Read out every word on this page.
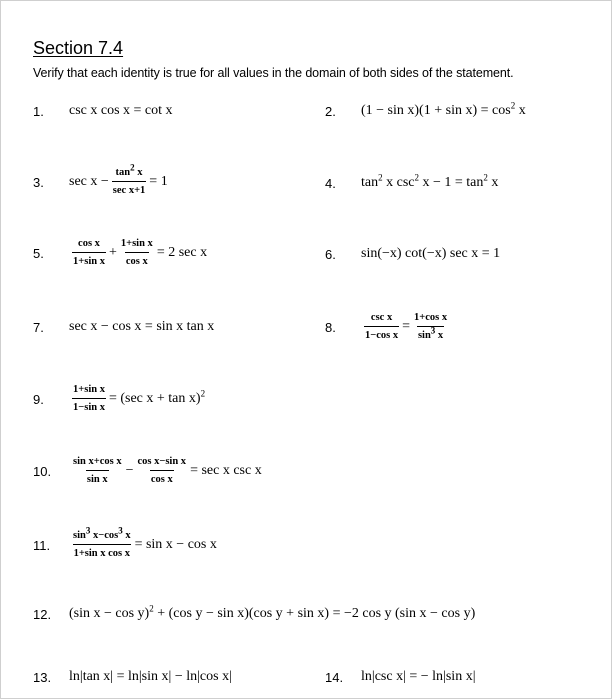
Section 7.4
Verify that each identity is true for all values in the domain of both sides of the statement.
1.	csc x cos x = cot x	2.	$(1 - \sin x)(1 + \sin x) = \cos^2 x$
3.	$\sec x - \frac{\tan^2 x}{\text{sec x+1}} = 1$	4.	$\tan^2 x$ $\csc^2 x - 1 = \tan^2 x$
5.	$\frac{\text{cos x}}{\text{1+sin x}} + \frac{\text{1+sin x}}{\text{cos x}} = 2$ sec x	6.	sin(−x) cot(−x) sec x = 1
7.	sec x − cos x = sin x tan x	8.	$\frac{\text{csc x}}{\text{1−cos x}} = \frac{\text{1+cos x}}{\sin^3 x}$
9.	$\frac{\text{1+sin x}}{\text{1−sin x}} = (\sec$ x + tan x)$^2$
10.	$\frac{\text{sin x+cos x}}{\text{sin x}} - \frac{\text{cos x−sin x}}{\text{cos x}} = \sec x$ csc x
11.	$\frac{\sin^3 x-\cos^3 x}{\text{1+sin x cos x}} = \sin x - \cos x$
12.	(sin x − cos y)$^2$ + (cos y − sin x)(cos y + sin x) = −2 cos y (sin x − cos y)
13.	ln|tan x| = ln|sin x| − ln|cos x|	14.	ln|csc x| = − ln|sin x|
